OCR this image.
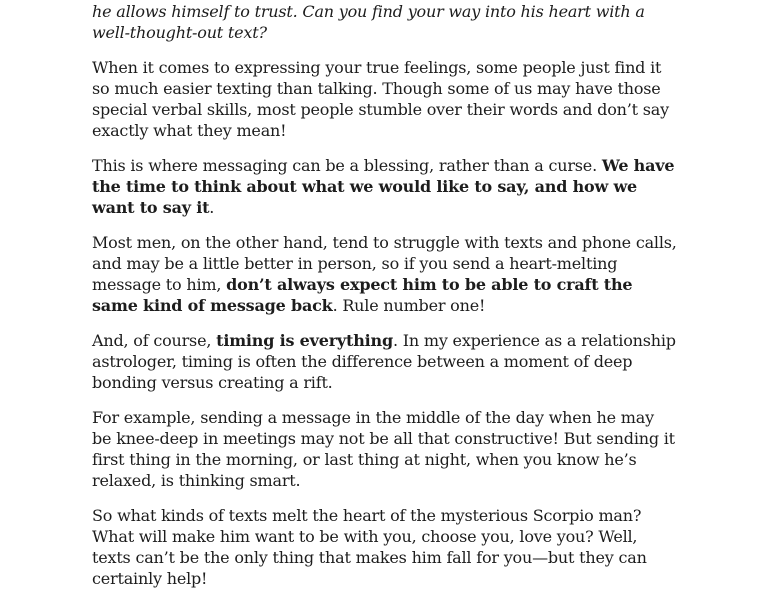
he allows himself to trust. Can you find your way into his heart with a well-thought-out text?

When it comes to expressing your true feelings, some people just find it so much easier texting than talking. Though some of us may have those special verbal skills, most people stumble over their words and don’t say exactly what they mean!

This is where messaging can be a blessing, rather than a curse. We have the time to think about what we would like to say, and how we want to say it.

Most men, on the other hand, tend to struggle with texts and phone calls, and may be a little better in person, so if you send a heart-melting message to him, don’t always expect him to be able to craft the same kind of message back. Rule number one!

And, of course, timing is everything. In my experience as a relationship astrologer, timing is often the difference between a moment of deep bonding versus creating a rift.

For example, sending a message in the middle of the day when he may be knee-deep in meetings may not be all that constructive! But sending it first thing in the morning, or last thing at night, when you know he’s relaxed, is thinking smart.

So what kinds of texts melt the heart of the mysterious Scorpio man? What will make him want to be with you, choose you, love you? Well, texts can’t be the only thing that makes him fall for you—but they can certainly help!
